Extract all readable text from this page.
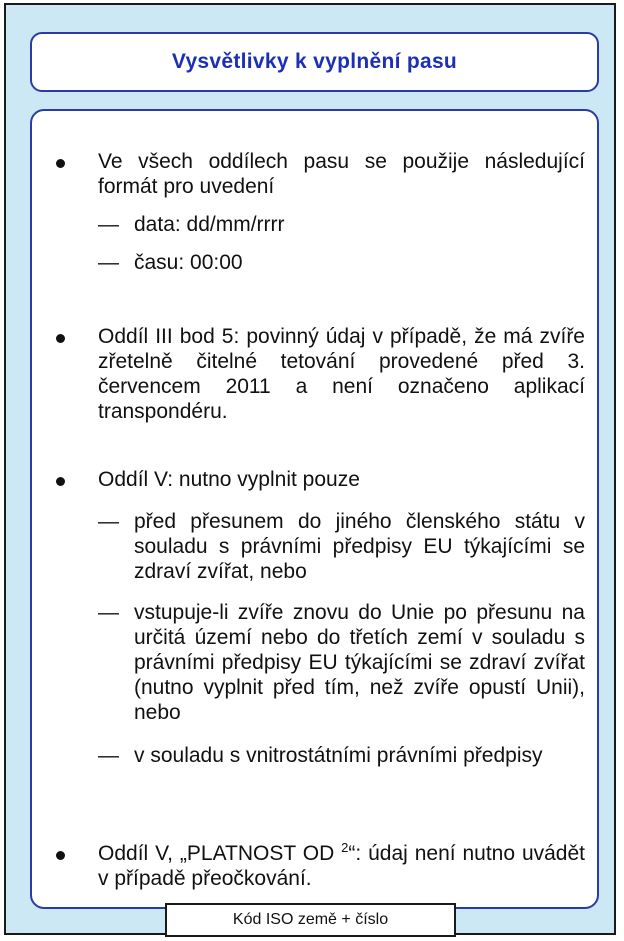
Vysvětlivky k vyplnění pasu
Ve všech oddílech pasu se použije následující formát pro uvedení
— data: dd/mm/rrrr
— času: 00:00
Oddíl III bod 5: povinný údaj v případě, že má zvíře zřetelně čitelné tetování provedené před 3. červencem 2011 a není označeno aplikací transpondéru.
Oddíl V: nutno vyplnit pouze
— před přesunem do jiného členského státu v souladu s právními předpisy EU týkajícími se zdraví zvířat, nebo
— vstupuje-li zvíře znovu do Unie po přesunu na určitá území nebo do třetích zemí v souladu s právními předpisy EU týkajícími se zdraví zvířat (nutno vyplnit před tím, než zvíře opustí Unii), nebo
— v souladu s vnitrostátními právními předpisy
Oddíl V, „PLATNOST OD $^2$“: údaj není nutno uvádět v případě přeočkování.
Kód ISO země + číslo
